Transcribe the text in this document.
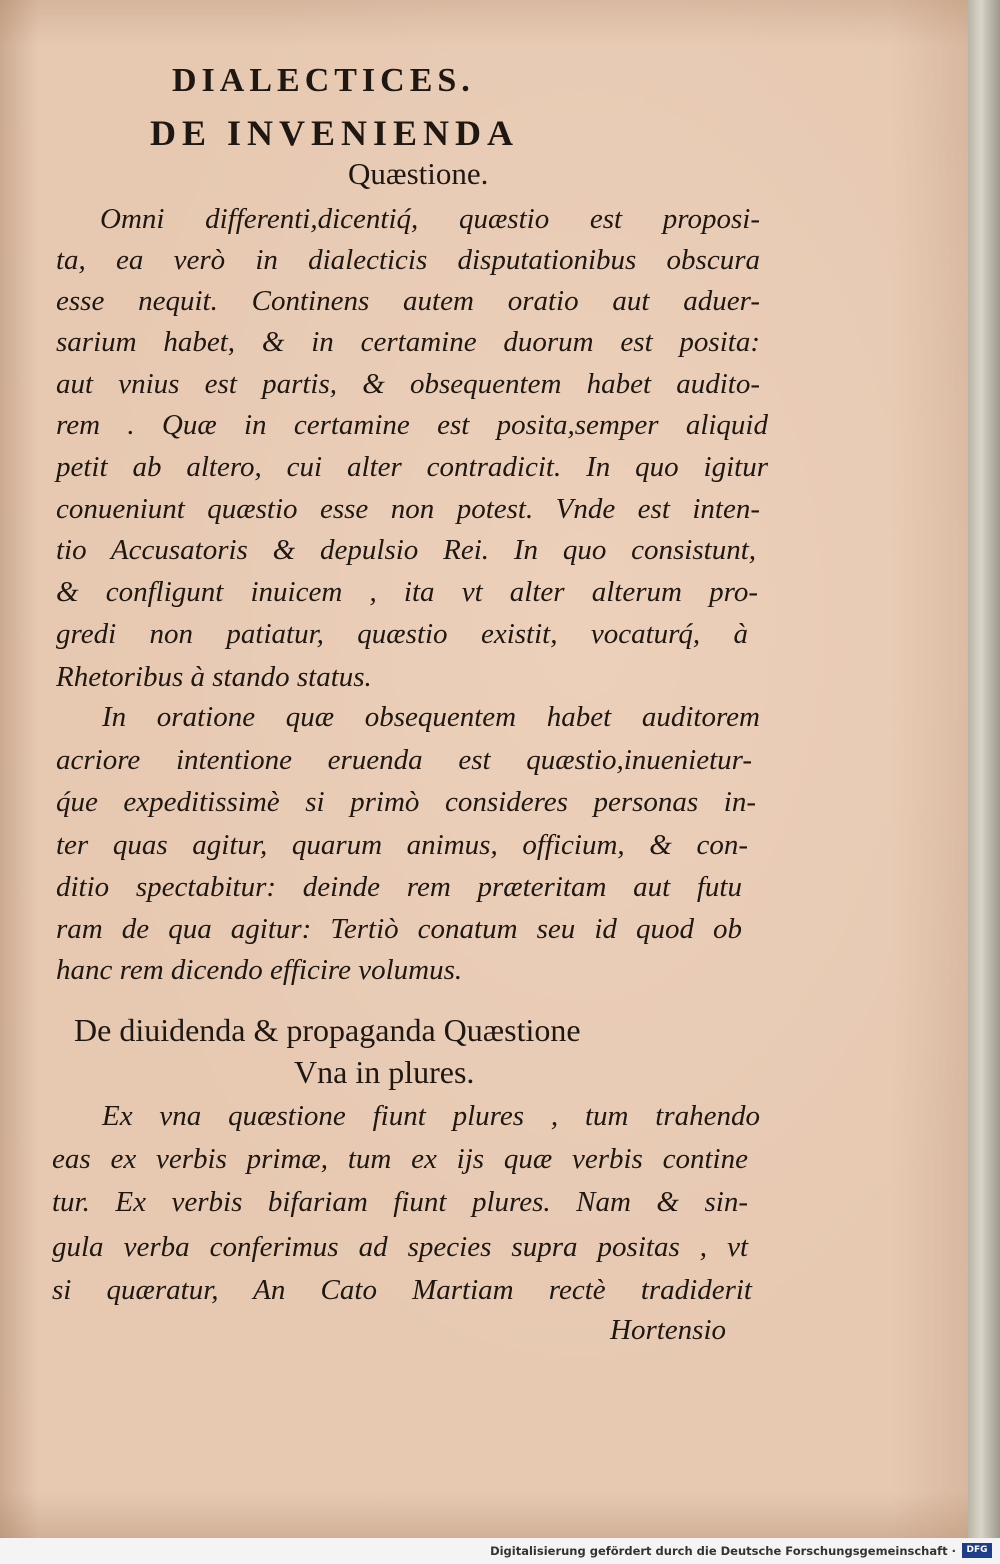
DIALECTICES.
DE INVENIENDA
Quæstione.
Omni differenti,dicentiq́, quæstio est proposi-
ta, ea verò in dialecticis disputationibus obscura
esse nequit. Continens autem oratio aut aduer-
sarium habet, & in certamine duorum est posita:
aut vnius est partis, & obsequentem habet audito-
rem . Quæ in certamine est posita,semper aliquid
petit ab altero, cui alter contradicit. In quo igitur
conueniunt quæstio esse non potest. Vnde est inten-
tio Accusatoris & depulsio Rei. In quo consistunt,
& confligunt inuicem , ita vt alter alterum pro-
gredi non patiatur, quæstio existit, vocaturq́, à
Rhetoribus à stando status.
In oratione quæ obsequentem habet auditorem
acriore intentione eruenda est quæstio,inuenietur-
q́ue expeditissimè si primò consideres personas in-
ter quas agitur, quarum animus, officium, & con-
ditio spectabitur: deinde rem præteritam aut futu
ram de qua agitur: Tertiò conatum seu id quod ob
hanc rem dicendo efficire volumus.
De diuidenda & propaganda Quæstione
Vna in plures.
Ex vna quæstione fiunt plures , tum trahendo
eas ex verbis primæ, tum ex ijs quæ verbis contine
tur. Ex verbis bifariam fiunt plures. Nam & sin-
gula verba conferimus ad species supra positas , vt
si quæratur, An Cato Martiam rectè tradiderit
Hortensio
Digitalisierung gefördert durch die Deutsche Forschungsgemeinschaft ·	DFG
